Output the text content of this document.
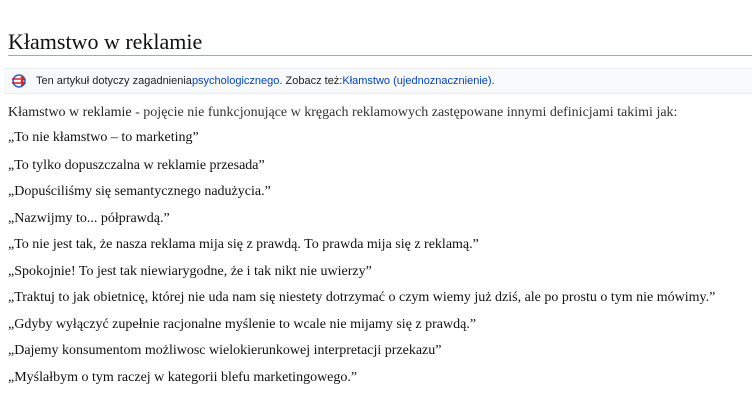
Kłamstwo w reklamie
Ten artykuł dotyczy zagadnienia psychologicznego . Zobacz też: Kłamstwo (ujednoznacznienie) .

Kłamstwo w reklamie - pojęcie nie funkcjonujące w kręgach reklamowych zastępowane innymi definicjami takimi jak:

„To nie kłamstwo – to marketing”
„To tylko dopuszczalna w reklamie przesada”
„Dopuściliśmy się semantycznego nadużycia.”
„Nazwijmy to... półprawdą.”
„To nie jest tak, że nasza reklama mija się z prawdą. To prawda mija się z reklamą.”
„Spokojnie! To jest tak niewiarygodne, że i tak nikt nie uwierzy”
„Traktuj to jak obietnicę, której nie uda nam się niestety dotrzymać o czym wiemy już dziś, ale po prostu o tym nie mówimy.”
„Gdyby wyłączyć zupełnie racjonalne myślenie to wcale nie mijamy się z prawdą.”
„Dajemy konsumentom możliwosc wielokierunkowej interpretacji przekazu”
„Myślałbym o tym raczej w kategorii blefu marketingowego.”
